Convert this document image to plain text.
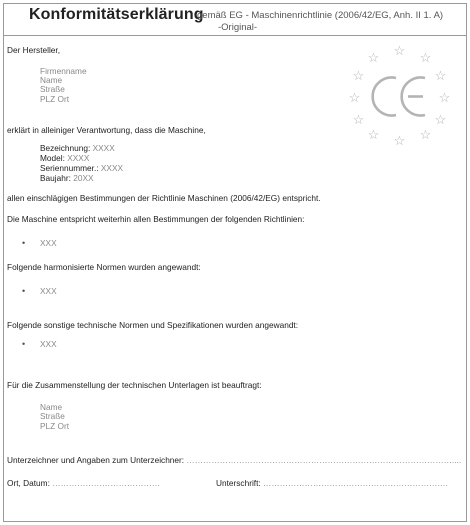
Konformitätserklärung
gemäß EG - Maschinenrichtlinie (2006/42/EG, Anh. II 1. A)
-Original-
Der Hersteller,
Firmenname
Name
Straße
PLZ Ort
☆
☆	☆
☆	☆
☆	☆
☆	☆
☆	☆
☆
erklärt in alleiniger Verantwortung, dass die Maschine,
Bezeichnung: XXXX
Model: XXXX
Seriennummer.: XXXX
Baujahr: 20XX
allen einschlägigen Bestimmungen der Richtlinie Maschinen (2006/42/EG) entspricht.
Die Maschine entspricht weiterhin allen Bestimmungen der folgenden Richtlinien:
• XXX
Folgende harmonisierte Normen wurden angewandt:
• XXX
Folgende sonstige technische Normen und Spezifikationen wurden angewandt:
• XXX
Für die Zusammenstellung der technischen Unterlagen ist beauftragt:
Name
Straße
PLZ Ort
Unterzeichner und Angaben zum Unterzeichner: ……………………………………………………………………………………....
Ort, Datum: …………………………………	Unterschrift: ………………………………………………………….
